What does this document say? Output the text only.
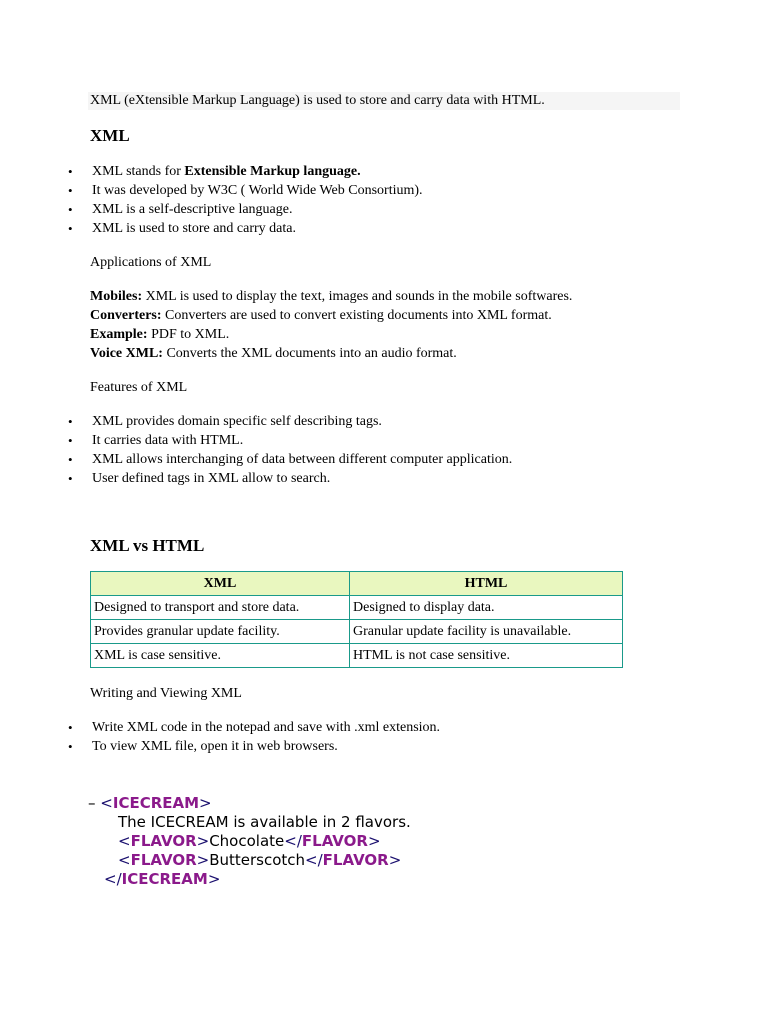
XML (eXtensible Markup Language) is used to store and carry data with HTML.
XML
• XML stands for Extensible Markup language.
• It was developed by W3C ( World Wide Web Consortium).
• XML is a self-descriptive language.
• XML is used to store and carry data.
Applications of XML
Mobiles: XML is used to display the text, images and sounds in the mobile softwares.
Converters: Converters are used to convert existing documents into XML format.
Example: PDF to XML.
Voice XML: Converts the XML documents into an audio format.
Features of XML
• XML provides domain specific self describing tags.
• It carries data with HTML.
• XML allows interchanging of data between different computer application.
• User defined tags in XML allow to search.
XML vs HTML
XML	HTML
Designed to transport and store data.	Designed to display data.
Provides granular update facility.	Granular update facility is unavailable.
XML is case sensitive.	HTML is not case sensitive.
Writing and Viewing XML
• Write XML code in the notepad and save with .xml extension.
• To view XML file, open it in web browsers.
– <ICECREAM>
The ICECREAM is available in 2 flavors.
<FLAVOR>Chocolate</FLAVOR>
<FLAVOR>Butterscotch</FLAVOR>
</ICECREAM>
